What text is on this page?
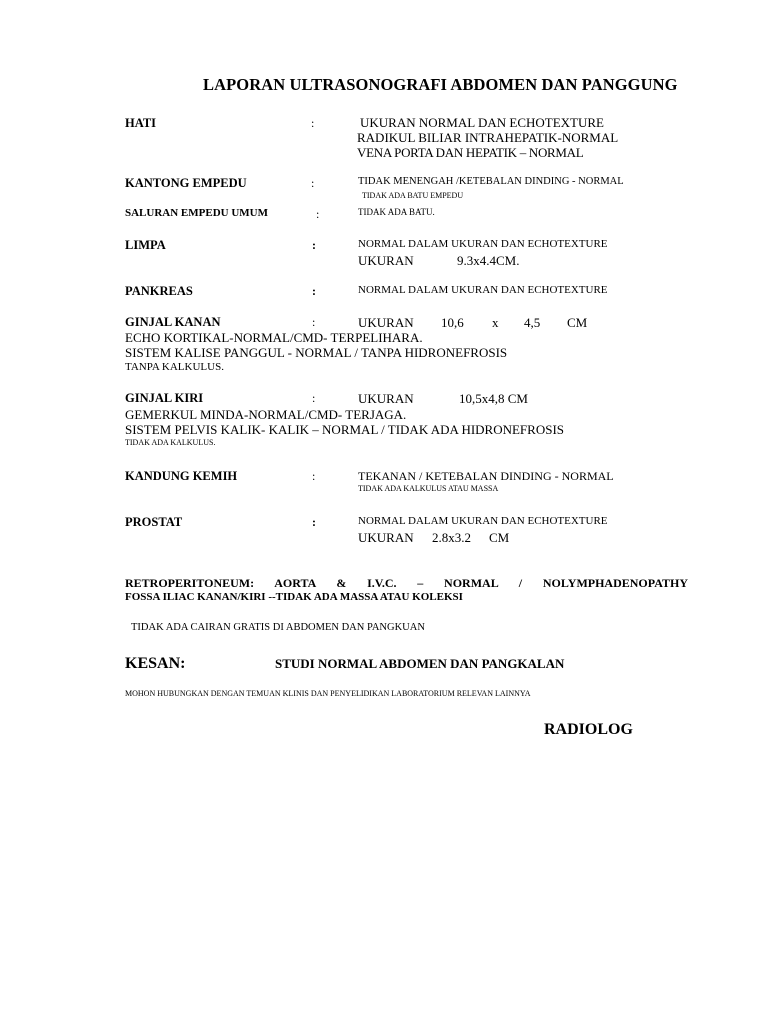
LAPORAN ULTRASONOGRAFI ABDOMEN DAN PANGGUNG
HATI	:	UKURAN NORMAL DAN ECHOTEXTURE
RADIKUL BILIAR INTRAHEPATIK-NORMAL
VENA PORTA DAN HEPATIK – NORMAL
KANTONG EMPEDU	:	TIDAK MENENGAH /KETEBALAN DINDING - NORMAL
TIDAK ADA BATU EMPEDU
SALURAN EMPEDU UMUM	:	TIDAK ADA BATU.
LIMPA	:	NORMAL DALAM UKURAN DAN ECHOTEXTURE
UKURAN	9.3x4.4CM.
PANKREAS	:	NORMAL DALAM UKURAN DAN ECHOTEXTURE
GINJAL KANAN	:	UKURAN 10,6 x 4,5 CM
ECHO KORTIKAL-NORMAL/CMD- TERPELIHARA.
SISTEM KALISE PANGGUL - NORMAL / TANPA HIDRONEFROSIS
TANPA KALKULUS.
GINJAL KIRI	:	UKURAN	10,5x4,8 CM
GEMERKUL MINDA-NORMAL/CMD- TERJAGA.
SISTEM PELVIS KALIK- KALIK – NORMAL / TIDAK ADA HIDRONEFROSIS
TIDAK ADA KALKULUS.
KANDUNG KEMIH	:	TEKANAN / KETEBALAN DINDING - NORMAL
TIDAK ADA KALKULUS ATAU MASSA
PROSTAT	:	NORMAL DALAM UKURAN DAN ECHOTEXTURE
UKURAN 2.8x3.2 CM
RETROPERITONEUM: AORTA & I.V.C. – NORMAL / NOLYMPHADENOPATHY
FOSSA ILIAC KANAN/KIRI --TIDAK ADA MASSA ATAU KOLEKSI
TIDAK ADA CAIRAN GRATIS DI ABDOMEN DAN PANGKUAN
KESAN:	STUDI NORMAL ABDOMEN DAN PANGKALAN
MOHON HUBUNGKAN DENGAN TEMUAN KLINIS DAN PENYELIDIKAN LABORATORIUM RELEVAN LAINNYA
RADIOLOG
